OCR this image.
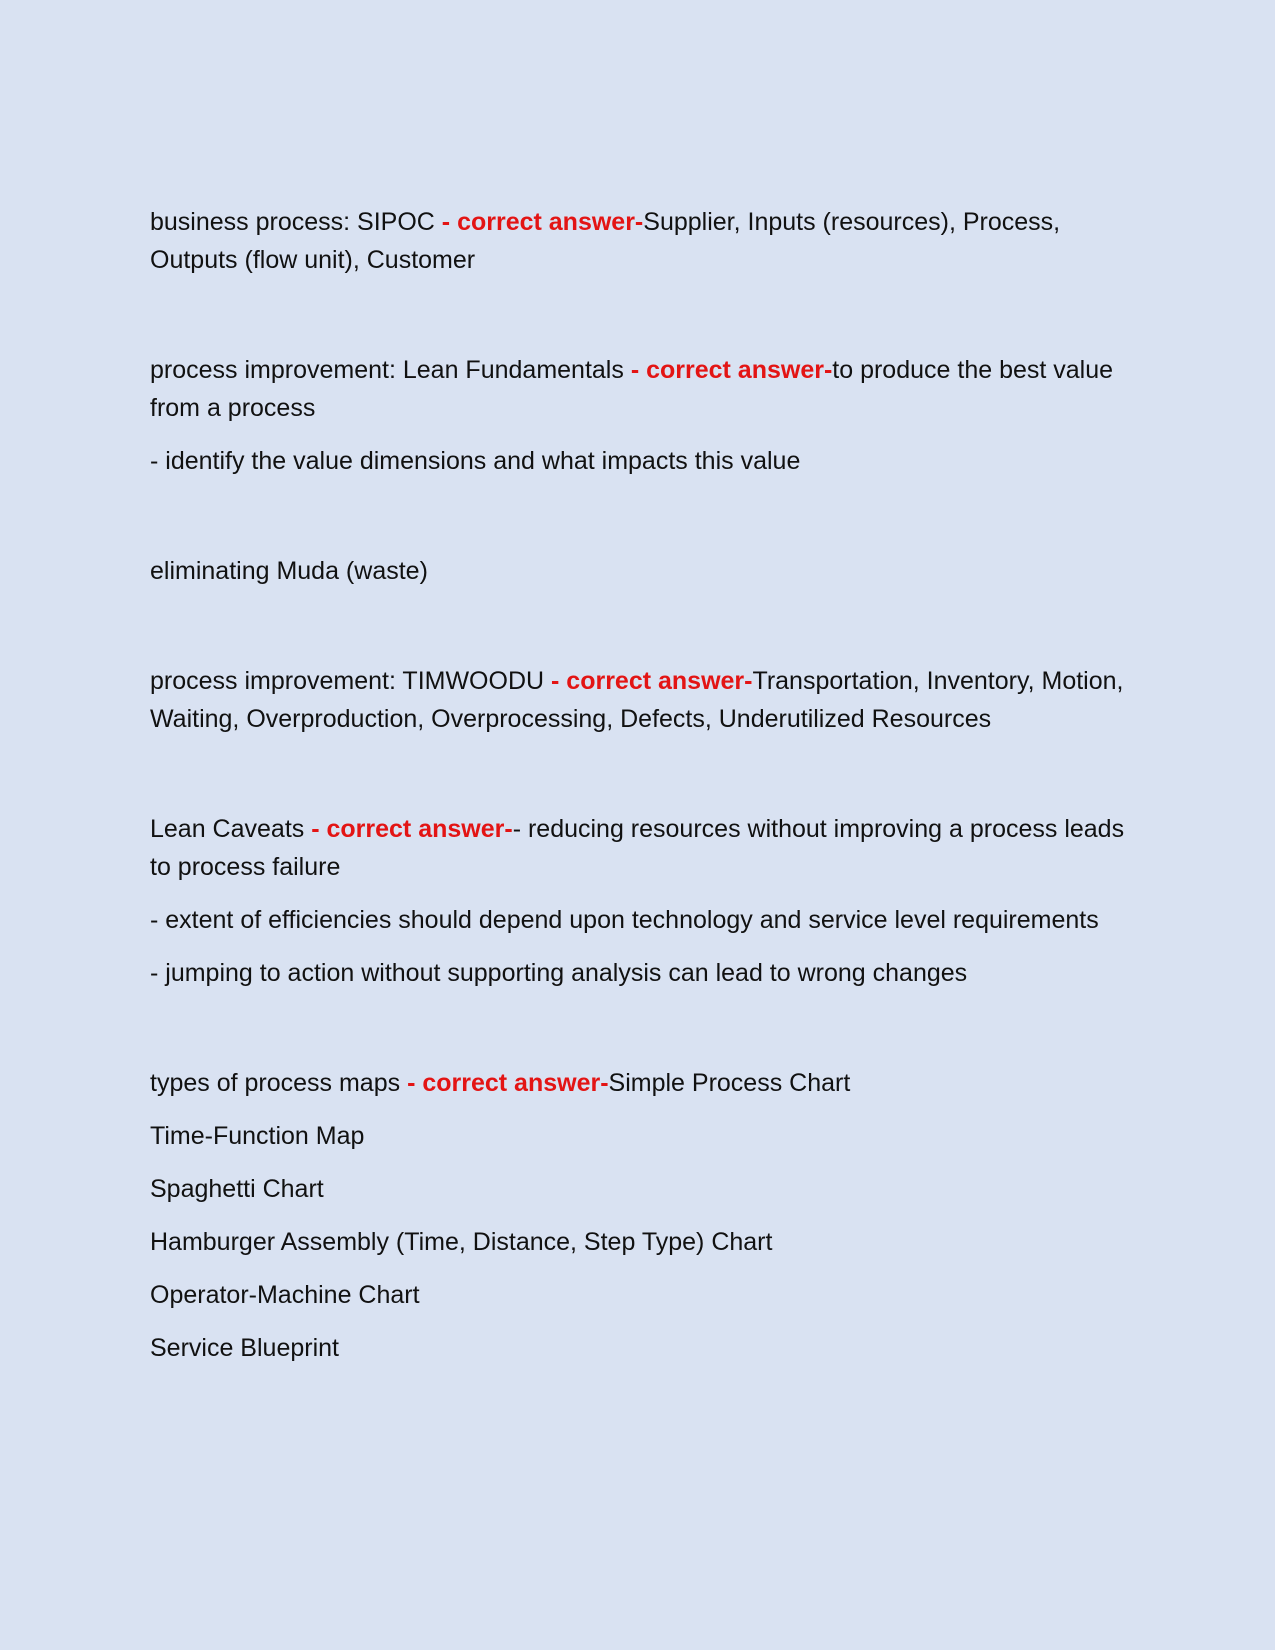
business process: SIPOC - correct answer-Supplier, Inputs (resources), Process, Outputs (flow unit), Customer

process improvement: Lean Fundamentals - correct answer-to produce the best value from a process

- identify the value dimensions and what impacts this value

eliminating Muda (waste)

process improvement: TIMWOODU - correct answer-Transportation, Inventory, Motion, Waiting, Overproduction, Overprocessing, Defects, Underutilized Resources

Lean Caveats - correct answer-- reducing resources without improving a process leads to process failure

- extent of efficiencies should depend upon technology and service level requirements

- jumping to action without supporting analysis can lead to wrong changes

types of process maps - correct answer-Simple Process Chart

Time-Function Map

Spaghetti Chart

Hamburger Assembly (Time, Distance, Step Type) Chart

Operator-Machine Chart

Service Blueprint
